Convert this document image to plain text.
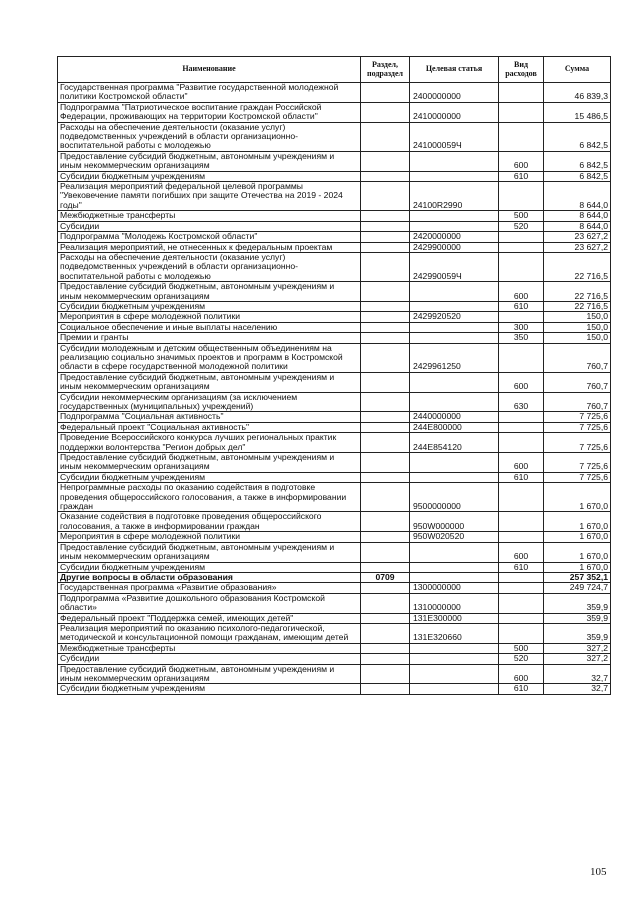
Наименование	Раздел, подраздел	Целевая статья	Вид расходов	Сумма
Государственная программа "Развитие государственной молодежной политики Костромской области"		2400000000		46 839,3
Подпрограмма "Патриотическое воспитание граждан Российской Федерации, проживающих на территории Костромской области"		2410000000		15 486,5
Расходы на обеспечение деятельности (оказание услуг) подведомственных учреждений в области организационно-воспитательной работы с молодежью		241000059Ч		6 842,5
Предоставление субсидий бюджетным, автономным учреждениям и иным некоммерческим организациям			600	6 842,5
Субсидии бюджетным учреждениям			610	6 842,5
Реализация мероприятий федеральной целевой программы "Увековечение памяти погибших при защите Отечества на 2019 - 2024 годы"		24100R2990		8 644,0
Межбюджетные трансферты			500	8 644,0
Субсидии			520	8 644,0
Подпрограмма "Молодежь Костромской области"		2420000000		23 627,2
Реализация мероприятий, не отнесенных к федеральным проектам		2429900000		23 627,2
Расходы на обеспечение деятельности (оказание услуг) подведомственных учреждений в области организационно-воспитательной работы с молодежью		242990059Ч		22 716,5
Предоставление субсидий бюджетным, автономным учреждениям и иным некоммерческим организациям			600	22 716,5
Субсидии бюджетным учреждениям			610	22 716,5
Мероприятия в сфере молодежной политики		2429920520		150,0
Социальное обеспечение и иные выплаты населению			300	150,0
Премии и гранты			350	150,0
Субсидии молодежным и детским общественным объединениям на реализацию социально значимых проектов и программ в Костромской области в сфере государственной молодежной политики		2429961250		760,7
Предоставление субсидий бюджетным, автономным учреждениям и иным некоммерческим организациям			600	760,7
Субсидии некоммерческим организациям (за исключением государственных (муниципальных) учреждений)			630	760,7
Подпрограмма "Социальная активность"		2440000000		7 725,6
Федеральный проект "Социальная активность"		244E800000		7 725,6
Проведение Всероссийского конкурса лучших региональных практик поддержки волонтерства "Регион добрых дел"		244E854120		7 725,6
Предоставление субсидий бюджетным, автономным учреждениям и иным некоммерческим организациям			600	7 725,6
Субсидии бюджетным учреждениям			610	7 725,6
Непрограммные расходы по оказанию содействия в подготовке проведения общероссийского голосования, а также в информировании граждан		9500000000		1 670,0
Оказание содействия в подготовке проведения общероссийского голосования, а также в информировании граждан		950W000000		1 670,0
Мероприятия в сфере молодежной политики		950W020520		1 670,0
Предоставление субсидий бюджетным, автономным учреждениям и иным некоммерческим организациям			600	1 670,0
Субсидии бюджетным учреждениям			610	1 670,0
Другие вопросы в области образования	0709			257 352,1
Государственная программа «Развитие образования»		1300000000		249 724,7
Подпрограмма «Развитие дошкольного образования Костромской области»		1310000000		359,9
Федеральный проект "Поддержка семей, имеющих детей"		131E300000		359,9
Реализация мероприятий по оказанию психолого-педагогической, методической и консультационной помощи гражданам, имеющим детей		131E320660		359,9
Межбюджетные трансферты			500	327,2
Субсидии			520	327,2
Предоставление субсидий бюджетным, автономным учреждениям и иным некоммерческим организациям			600	32,7
Субсидии бюджетным учреждениям			610	32,7
105
